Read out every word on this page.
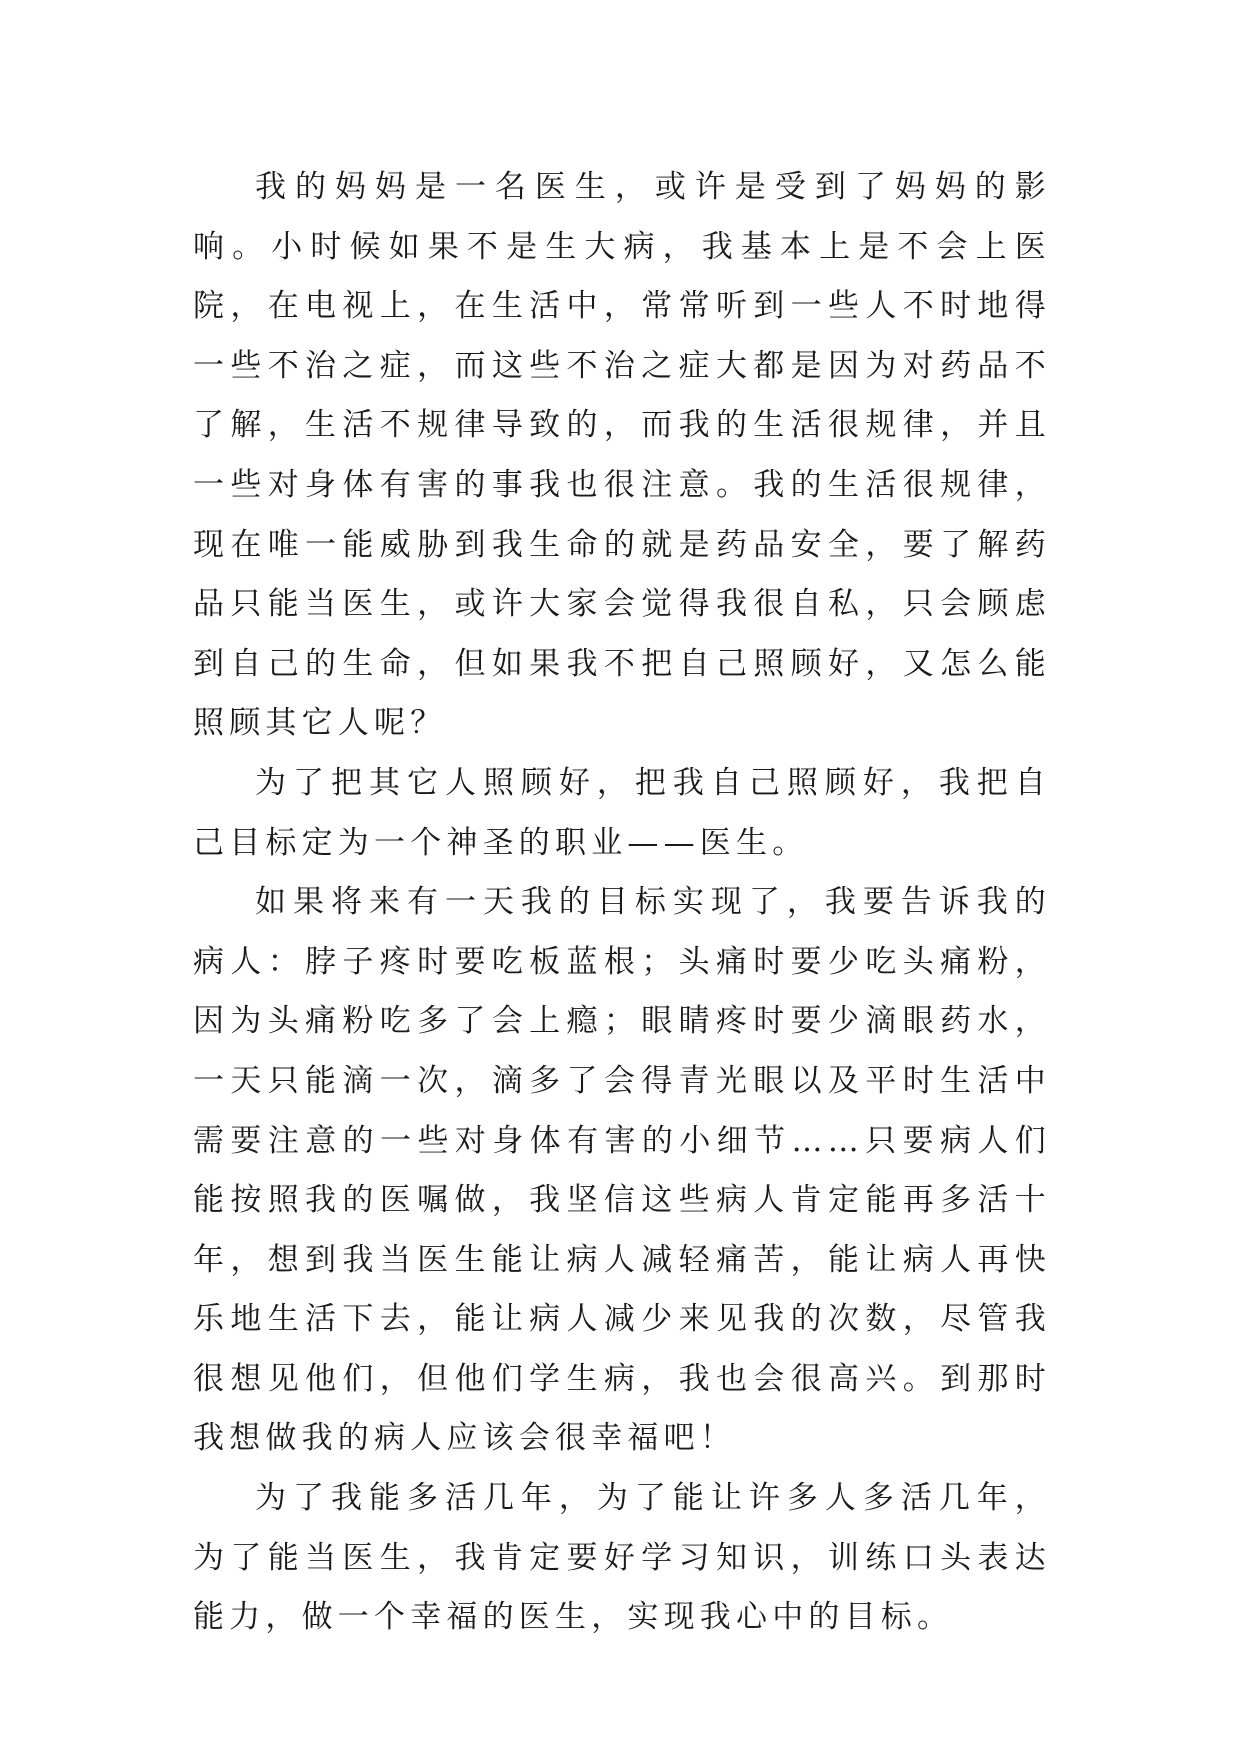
我的妈妈是一名医生，或许是受到了妈妈的影响。小时候如果不是生大病，我基本上是不会上医院，在电视上，在生活中，常常听到一些人不时地得一些不治之症，而这些不治之症大都是因为对药品不了解，生活不规律导致的，而我的生活很规律，并且一些对身体有害的事我也很注意。我的生活很规律，现在唯一能威胁到我生命的就是药品安全，要了解药品只能当医生，或许大家会觉得我很自私，只会顾虑到自己的生命，但如果我不把自己照顾好，又怎么能照顾其它人呢？

为了把其它人照顾好，把我自己照顾好，我把自己目标定为一个神圣的职业——医生。

如果将来有一天我的目标实现了，我要告诉我的病人：脖子疼时要吃板蓝根；头痛时要少吃头痛粉，因为头痛粉吃多了会上瘾；眼睛疼时要少滴眼药水，一天只能滴一次，滴多了会得青光眼以及平时生活中需要注意的一些对身体有害的小细节……只要病人们能按照我的医嘱做，我坚信这些病人肯定能再多活十年，想到我当医生能让病人减轻痛苦，能让病人再快乐地生活下去，能让病人减少来见我的次数，尽管我很想见他们，但他们学生病，我也会很高兴。到那时我想做我的病人应该会很幸福吧！

为了我能多活几年，为了能让许多人多活几年，为了能当医生，我肯定要好学习知识，训练口头表达能力，做一个幸福的医生，实现我心中的目标。
